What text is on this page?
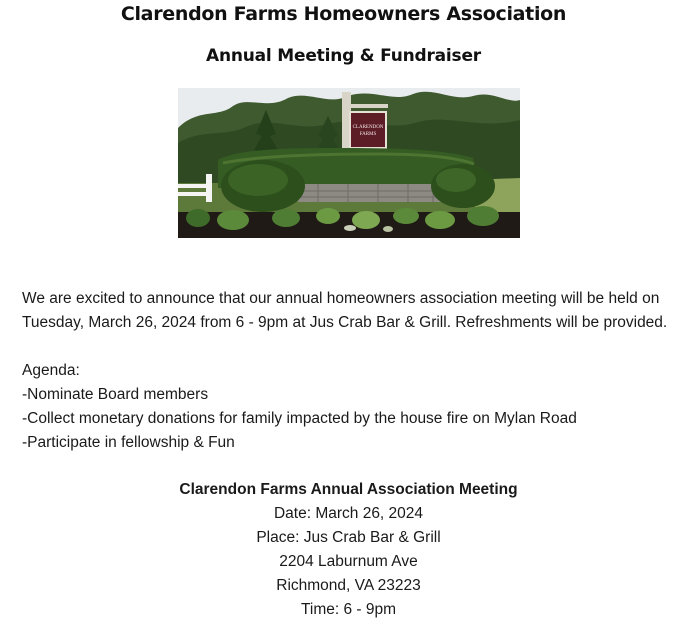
Clarendon Farms Homeowners Association
Annual Meeting & Fundraiser
CLARENDON
FARMS

We are excited to announce that our annual homeowners association meeting will be held on Tuesday, March 26, 2024 from 6 - 9pm at Jus Crab Bar & Grill. Refreshments will be provided.

Agenda:
-Nominate Board members
-Collect monetary donations for family impacted by the house fire on Mylan Road
-Participate in fellowship & Fun
Clarendon Farms Annual Association Meeting
Date: March 26, 2024
Place: Jus Crab Bar & Grill
2204 Laburnum Ave
Richmond, VA 23223
Time: 6 - 9pm
